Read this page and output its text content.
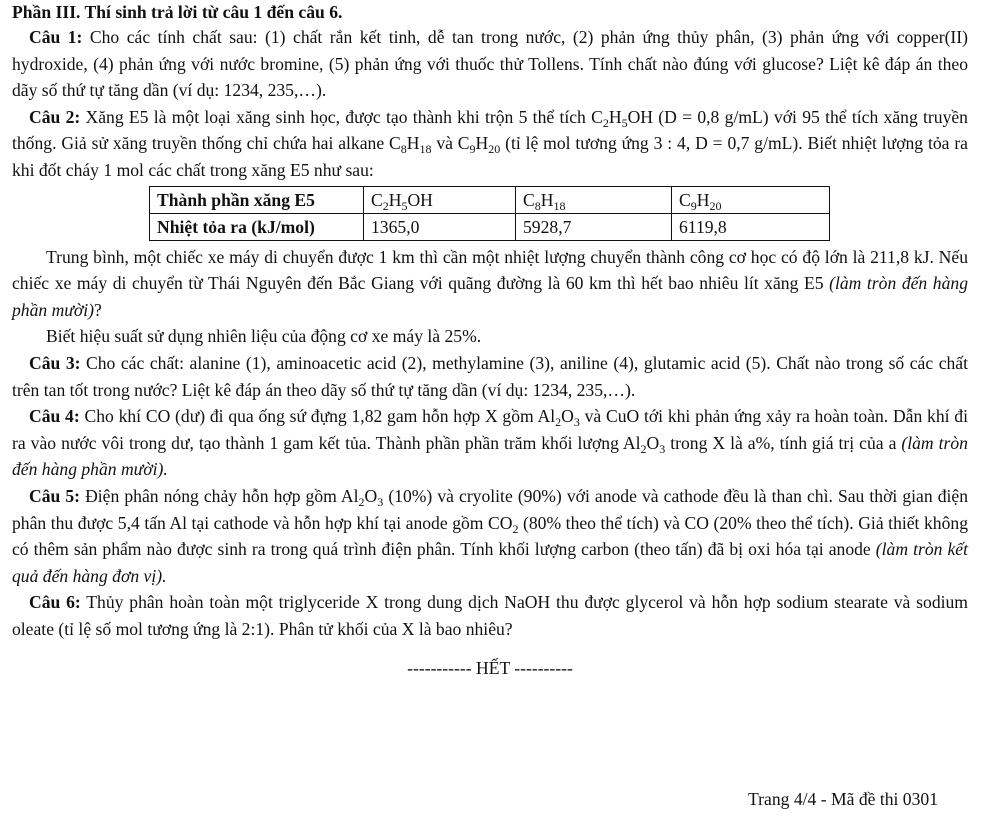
Phần III. Thí sinh trả lời từ câu 1 đến câu 6.

Câu 1: Cho các tính chất sau: (1) chất rắn kết tinh, dễ tan trong nước, (2) phản ứng thủy phân, (3) phản ứng với copper(II) hydroxide, (4) phản ứng với nước bromine, (5) phản ứng với thuốc thử Tollens. Tính chất nào đúng với glucose? Liệt kê đáp án theo dãy số thứ tự tăng dần (ví dụ: 1234, 235,…).

Câu 2: Xăng E5 là một loại xăng sinh học, được tạo thành khi trộn 5 thể tích $C_2H_5OH$ (D = 0,8 g/mL) với 95 thể tích xăng truyền thống. Giả sử xăng truyền thống chỉ chứa hai alkane $C_8H_{18}$ và $C_9H_{20}$ (tỉ lệ mol tương ứng 3 : 4, D = 0,7 g/mL). Biết nhiệt lượng tỏa ra khi đốt cháy 1 mol các chất trong xăng E5 như sau:

Thành phần xăng E5	$C_2H_5OH$	$C_8H_{18}$	$C_9H_{20}$
Nhiệt tỏa ra (kJ/mol)	1365,0	5928,7	6119,8

Trung bình, một chiếc xe máy di chuyển được 1 km thì cần một nhiệt lượng chuyển thành công cơ học có độ lớn là 211,8 kJ. Nếu chiếc xe máy di chuyển từ Thái Nguyên đến Bắc Giang với quãng đường là 60 km thì hết bao nhiêu lít xăng E5 (làm tròn đến hàng phần mười)?

Biết hiệu suất sử dụng nhiên liệu của động cơ xe máy là 25%.

Câu 3: Cho các chất: alanine (1), aminoacetic acid (2), methylamine (3), aniline (4), glutamic acid (5). Chất nào trong số các chất trên tan tốt trong nước? Liệt kê đáp án theo dãy số thứ tự tăng dần (ví dụ: 1234, 235,…).

Câu 4: Cho khí CO (dư) đi qua ống sứ đựng 1,82 gam hỗn hợp X gồm $Al_2O_3$ và CuO tới khi phản ứng xảy ra hoàn toàn. Dẫn khí đi ra vào nước vôi trong dư, tạo thành 1 gam kết tủa. Thành phần phần trăm khối lượng $Al_2O_3$ trong X là a%, tính giá trị của a (làm tròn đến hàng phần mười).

Câu 5: Điện phân nóng chảy hỗn hợp gồm $Al_2O_3$ (10%) và cryolite (90%) với anode và cathode đều là than chì. Sau thời gian điện phân thu được 5,4 tấn Al tại cathode và hỗn hợp khí tại anode gồm $CO_2$ (80% theo thể tích) và CO (20% theo thể tích). Giả thiết không có thêm sản phẩm nào được sinh ra trong quá trình điện phân. Tính khối lượng carbon (theo tấn) đã bị oxi hóa tại anode (làm tròn kết quả đến hàng đơn vị).

Câu 6: Thủy phân hoàn toàn một triglyceride X trong dung dịch NaOH thu được glycerol và hỗn hợp sodium stearate và sodium oleate (tỉ lệ số mol tương ứng là 2:1). Phân tử khối của X là bao nhiêu?

----------- HẾT ----------

Trang 4/4 - Mã đề thi 0301
